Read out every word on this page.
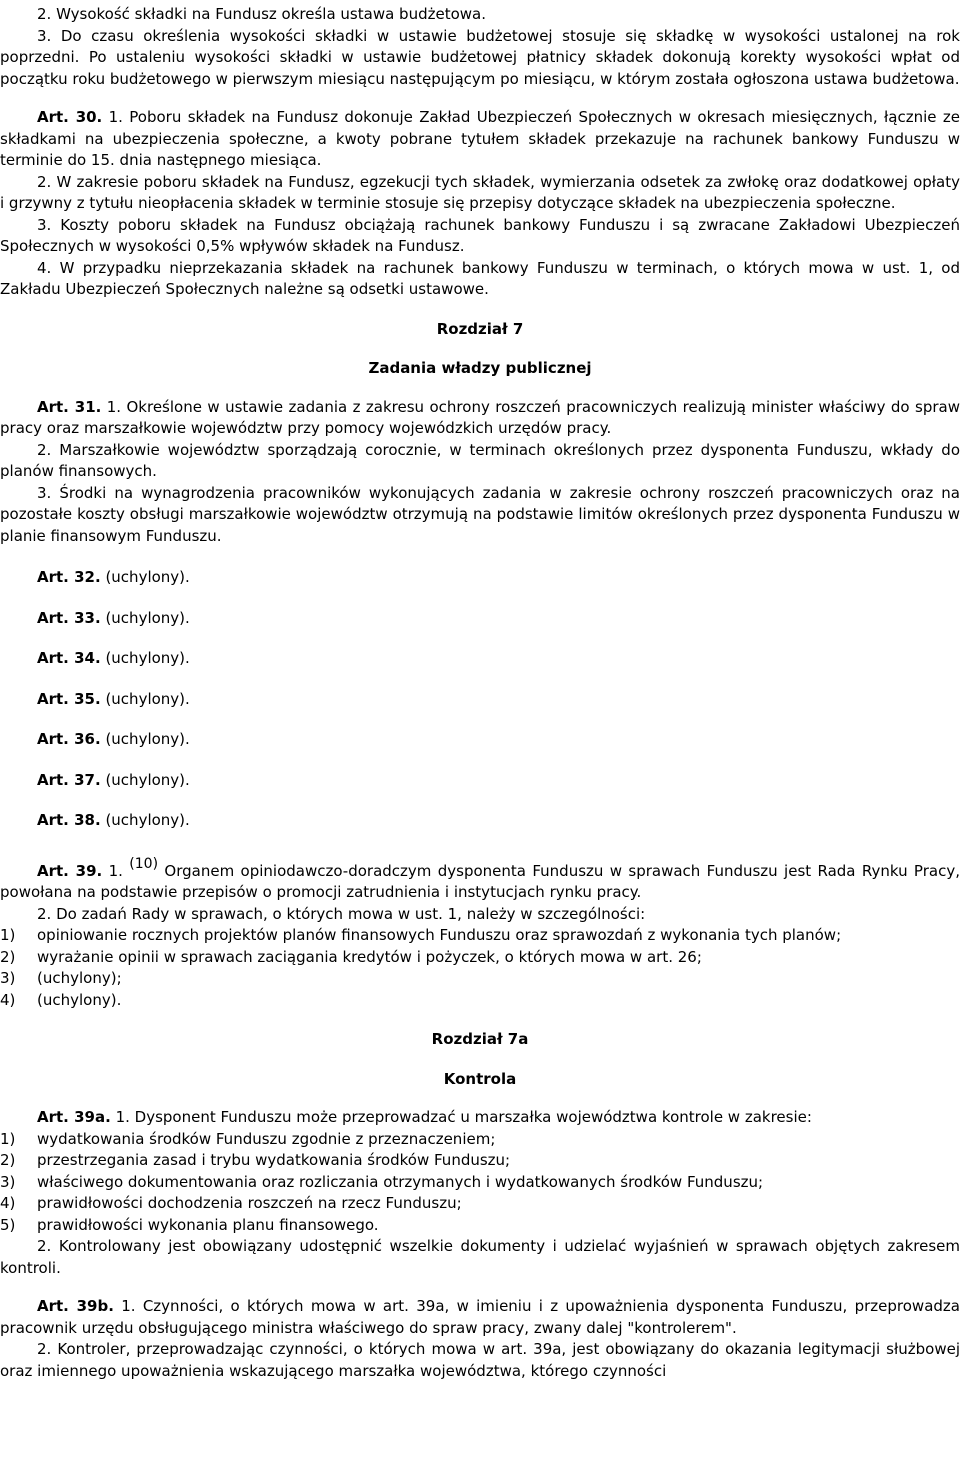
2. Wysokość składki na Fundusz określa ustawa budżetowa.

3. Do czasu określenia wysokości składki w ustawie budżetowej stosuje się składkę w wysokości ustalonej na rok poprzedni. Po ustaleniu wysokości składki w ustawie budżetowej płatnicy składek dokonują korekty wysokości wpłat od początku roku budżetowego w pierwszym miesiącu następującym po miesiącu, w którym została ogłoszona ustawa budżetowa.

Art. 30. 1. Poboru składek na Fundusz dokonuje Zakład Ubezpieczeń Społecznych w okresach miesięcznych, łącznie ze składkami na ubezpieczenia społeczne, a kwoty pobrane tytułem składek przekazuje na rachunek bankowy Funduszu w terminie do 15. dnia następnego miesiąca.

2. W zakresie poboru składek na Fundusz, egzekucji tych składek, wymierzania odsetek za zwłokę oraz dodatkowej opłaty i grzywny z tytułu nieopłacenia składek w terminie stosuje się przepisy dotyczące składek na ubezpieczenia społeczne.

3. Koszty poboru składek na Fundusz obciążają rachunek bankowy Funduszu i są zwracane Zakładowi Ubezpieczeń Społecznych w wysokości 0,5% wpływów składek na Fundusz.

4. W przypadku nieprzekazania składek na rachunek bankowy Funduszu w terminach, o których mowa w ust. 1, od Zakładu Ubezpieczeń Społecznych należne są odsetki ustawowe.

Rozdział 7

Zadania władzy publicznej

Art. 31. 1. Określone w ustawie zadania z zakresu ochrony roszczeń pracowniczych realizują minister właściwy do spraw pracy oraz marszałkowie województw przy pomocy wojewódzkich urzędów pracy.

2. Marszałkowie województw sporządzają corocznie, w terminach określonych przez dysponenta Funduszu, wkłady do planów finansowych.

3. Środki na wynagrodzenia pracowników wykonujących zadania w zakresie ochrony roszczeń pracowniczych oraz na pozostałe koszty obsługi marszałkowie województw otrzymują na podstawie limitów określonych przez dysponenta Funduszu w planie finansowym Funduszu.

Art. 32. (uchylony).

Art. 33. (uchylony).

Art. 34. (uchylony).

Art. 35. (uchylony).

Art. 36. (uchylony).

Art. 37. (uchylony).

Art. 38. (uchylony).

Art. 39. 1. (10) Organem opiniodawczo-doradczym dysponenta Funduszu w sprawach Funduszu jest Rada Rynku Pracy, powołana na podstawie przepisów o promocji zatrudnienia i instytucjach rynku pracy.

2. Do zadań Rady w sprawach, o których mowa w ust. 1, należy w szczególności:

1)	opiniowanie rocznych projektów planów finansowych Funduszu oraz sprawozdań z wykonania tych planów;
2)	wyrażanie opinii w sprawach zaciągania kredytów i pożyczek, o których mowa w art. 26;
3)	(uchylony);
4)	(uchylony).

Rozdział 7a

Kontrola

Art. 39a. 1. Dysponent Funduszu może przeprowadzać u marszałka województwa kontrole w zakresie:

1)	wydatkowania środków Funduszu zgodnie z przeznaczeniem;
2)	przestrzegania zasad i trybu wydatkowania środków Funduszu;
3)	właściwego dokumentowania oraz rozliczania otrzymanych i wydatkowanych środków Funduszu;
4)	prawidłowości dochodzenia roszczeń na rzecz Funduszu;
5)	prawidłowości wykonania planu finansowego.

2. Kontrolowany jest obowiązany udostępnić wszelkie dokumenty i udzielać wyjaśnień w sprawach objętych zakresem kontroli.

Art. 39b. 1. Czynności, o których mowa w art. 39a, w imieniu i z upoważnienia dysponenta Funduszu, przeprowadza pracownik urzędu obsługującego ministra właściwego do spraw pracy, zwany dalej "kontrolerem".

2. Kontroler, przeprowadzając czynności, o których mowa w art. 39a, jest obowiązany do okazania legitymacji służbowej oraz imiennego upoważnienia wskazującego marszałka województwa, którego czynności
